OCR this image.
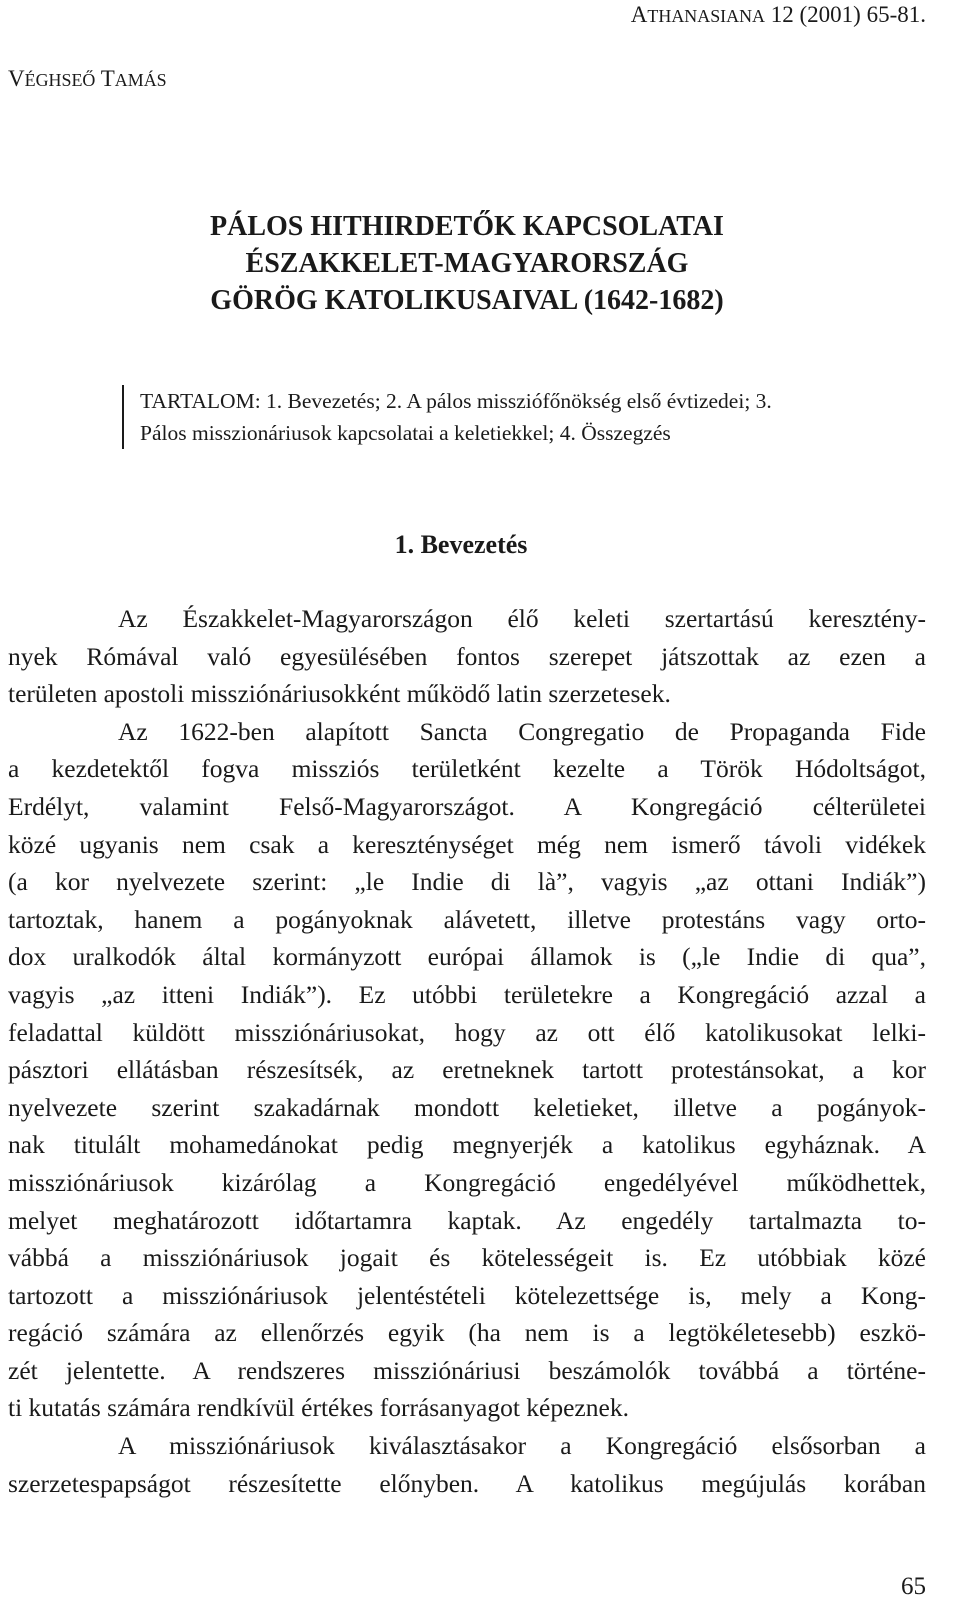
ATHANASIANA 12 (2001) 65-81.
VÉGHSEŐ TAMÁS
PÁLOS HITHIRDETŐK KAPCSOLATAI
ÉSZAKKELET-MAGYARORSZÁG
GÖRÖG KATOLIKUSAIVAL (1642-1682)
TARTALOM: 1. Bevezetés; 2. A pálos missziófőnökség első évtizedei; 3.
Pálos misszionáriusok kapcsolatai a keletiekkel; 4. Összegzés
1. Bevezetés
Az Északkelet-Magyarországon élő keleti szertartású keresztény-
nyek Rómával való egyesülésében fontos szerepet játszottak az ezen a
területen apostoli missziónáriusokként működő latin szerzetesek.
Az 1622-ben alapított Sancta Congregatio de Propaganda Fide
a kezdetektől fogva missziós területként kezelte a Török Hódoltságot,
Erdélyt, valamint Felső-Magyarországot. A Kongregáció célterületei
közé ugyanis nem csak a kereszténységet még nem ismerő távoli vidékek
(a kor nyelvezete szerint: „le Indie di là”, vagyis „az ottani Indiák”)
tartoztak, hanem a pogányoknak alávetett, illetve protestáns vagy orto-
dox uralkodók által kormányzott európai államok is („le Indie di qua”,
vagyis „az itteni Indiák”). Ez utóbbi területekre a Kongregáció azzal a
feladattal küldött missziónáriusokat, hogy az ott élő katolikusokat lelki-
pásztori ellátásban részesítsék, az eretneknek tartott protestánsokat, a kor
nyelvezete szerint szakadárnak mondott keletieket, illetve a pogányok-
nak titulált mohamedánokat pedig megnyerjék a katolikus egyháznak. A
missziónáriusok kizárólag a Kongregáció engedélyével működhettek,
melyet meghatározott időtartamra kaptak. Az engedély tartalmazta to-
vábbá a missziónáriusok jogait és kötelességeit is. Ez utóbbiak közé
tartozott a missziónáriusok jelentéstételi kötelezettsége is, mely a Kong-
regáció számára az ellenőrzés egyik (ha nem is a legtökéletesebb) eszkö-
zét jelentette. A rendszeres missziónáriusi beszámolók továbbá a történe-
ti kutatás számára rendkívül értékes forrásanyagot képeznek.
A missziónáriusok kiválasztásakor a Kongregáció elsősorban a
szerzetespapságot részesítette előnyben. A katolikus megújulás korában
65
